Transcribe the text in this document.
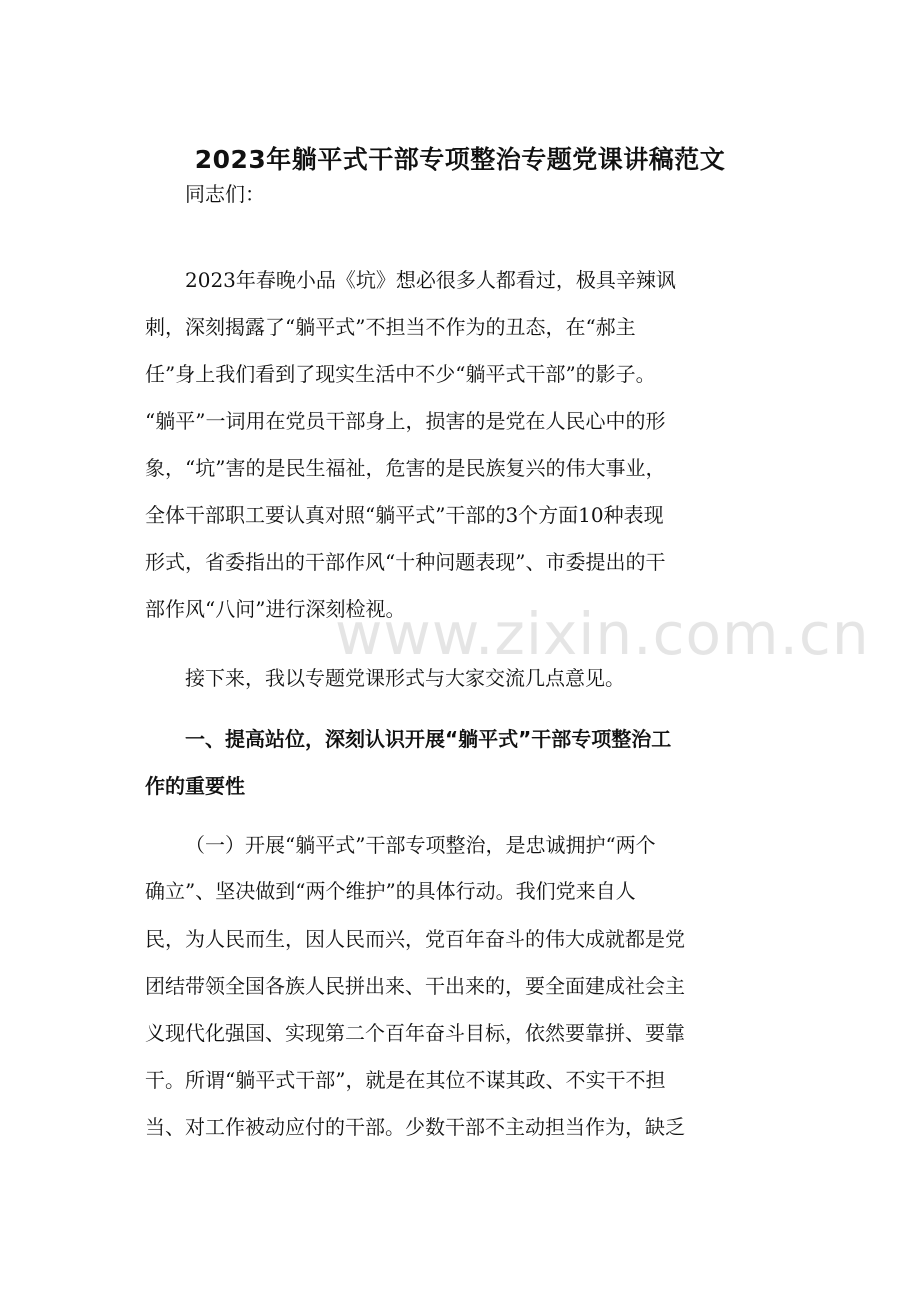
2023年躺平式干部专项整治专题党课讲稿范文
同志们：
2023年春晚小品《坑》想必很多人都看过，极具辛辣讽
刺，深刻揭露了“躺平式”不担当不作为的丑态，在“郝主
任”身上我们看到了现实生活中不少“躺平式干部”的影子。
“躺平”一词用在党员干部身上，损害的是党在人民心中的形
象，“坑”害的是民生福祉，危害的是民族复兴的伟大事业，
全体干部职工要认真对照“躺平式”干部的3个方面10种表现
形式，省委指出的干部作风“十种问题表现”、市委提出的干
部作风“八问”进行深刻检视。
接下来，我以专题党课形式与大家交流几点意见。
一、提高站位，深刻认识开展“躺平式”干部专项整治工
作的重要性
（一）开展“躺平式”干部专项整治，是忠诚拥护“两个
确立”、坚决做到“两个维护”的具体行动。我们党来自人
民，为人民而生，因人民而兴，党百年奋斗的伟大成就都是党
团结带领全国各族人民拼出来、干出来的，要全面建成社会主
义现代化强国、实现第二个百年奋斗目标，依然要靠拼、要靠
干。所谓“躺平式干部”，就是在其位不谋其政、不实干不担
当、对工作被动应付的干部。少数干部不主动担当作为，缺乏
www.zixin.com.cn
